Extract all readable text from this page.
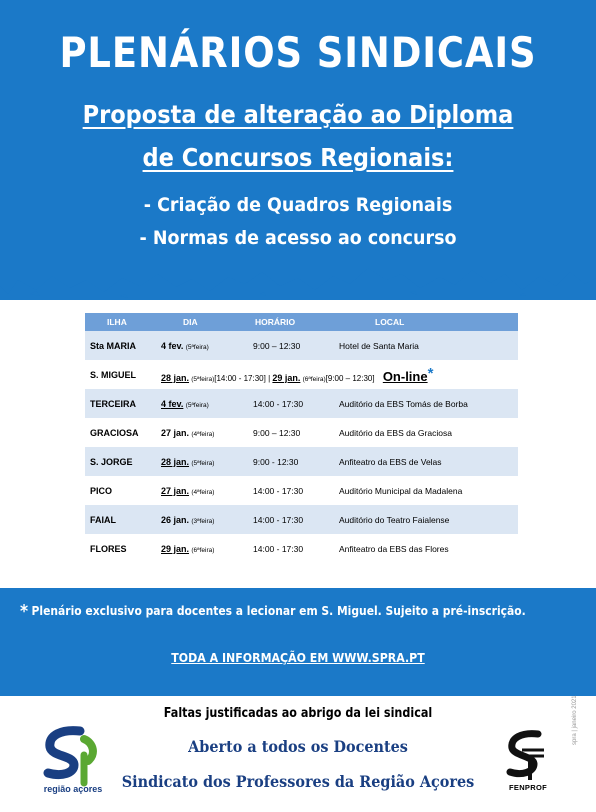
PLENÁRIOS SINDICAIS
Proposta de alteração ao Diploma
de Concursos Regionais:
- Criação de Quadros Regionais
- Normas de acesso ao concurso
ILHA	DIA	HORÁRIO	LOCAL
Sta MARIA	4 fev. (5ªfeira)	9:00 – 12:30	Hotel de Santa Maria
S. MIGUEL	28 jan. (5ªfeira)[14:00 - 17:30] | 29 jan. (6ªfeira)[9:00 – 12:30] On-line*		
TERCEIRA	4 fev. (5ªfeira)	14:00 - 17:30	Auditório da EBS Tomás de Borba
GRACIOSA	27 jan. (4ªfeira)	9:00 – 12:30	Auditório da EBS da Graciosa
S. JORGE	28 jan. (5ªfeira)	9:00 - 12:30	Anfiteatro da EBS de Velas
PICO	27 jan. (4ªfeira)	14:00 - 17:30	Auditório Municipal da Madalena
FAIAL	26 jan. (3ªfeira)	14:00 - 17:30	Auditório do Teatro Faialense
FLORES	29 jan. (6ªfeira)	14:00 - 17:30	Anfiteatro da EBS das Flores
* Plenário exclusivo para docentes a lecionar em S. Miguel. Sujeito a pré-inscrição.
TODA A INFORMAÇÃO EM WWW.SPRA.PT
Faltas justificadas ao abrigo da lei sindical
Aberto a todos os Docentes
Sindicato dos Professores da Região Açores
região açores	FENPROF
spra | janeiro 2021
